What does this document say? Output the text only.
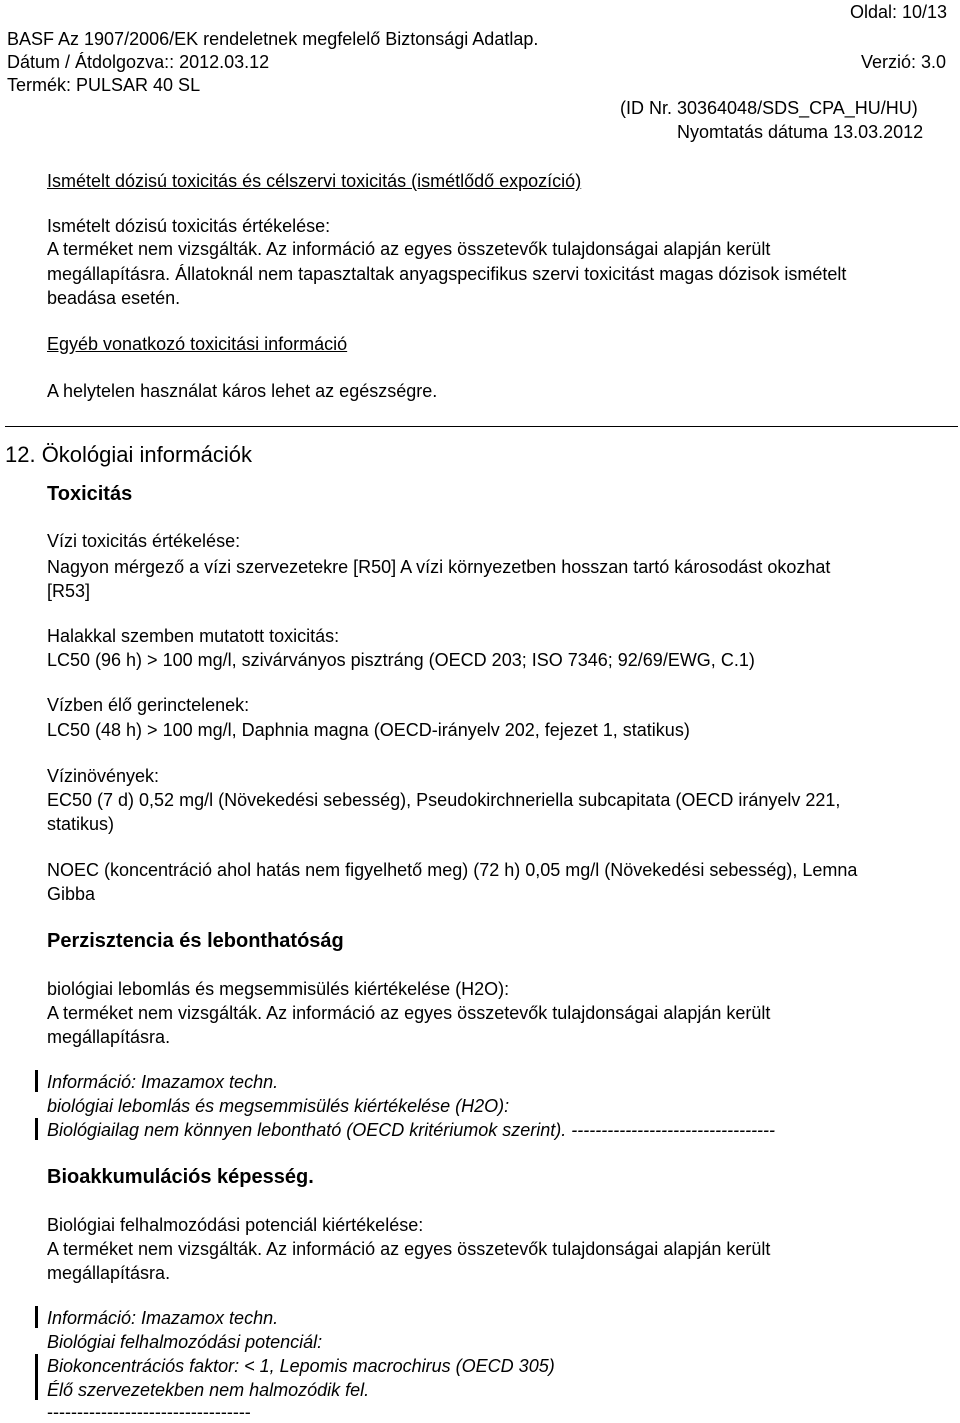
Oldal: 10/13
BASF Az 1907/2006/EK rendeletnek megfelelő Biztonsági Adatlap.
Dátum / Átdolgozva:: 2012.03.12	Verzió: 3.0
Termék: PULSAR 40 SL
(ID Nr. 30364048/SDS_CPA_HU/HU)
Nyomtatás dátuma 13.03.2012
Ismételt dózisú toxicitás és célszervi toxicitás (ismétlődő expozíció)
Ismételt dózisú toxicitás értékelése:
A terméket nem vizsgálták. Az információ az egyes összetevők tulajdonságai alapján került
megállapításra. Állatoknál nem tapasztaltak anyagspecifikus szervi toxicitást magas dózisok ismételt
beadása esetén.
Egyéb vonatkozó toxicitási információ
A helytelen használat káros lehet az egészségre.
12. Ökológiai információk
Toxicitás
Vízi toxicitás értékelése:
Nagyon mérgező a vízi szervezetekre [R50] A vízi környezetben hosszan tartó károsodást okozhat
[R53]
Halakkal szemben mutatott toxicitás:
LC50 (96 h) > 100 mg/l, szivárványos pisztráng (OECD 203; ISO 7346; 92/69/EWG, C.1)
Vízben élő gerinctelenek:
LC50 (48 h) > 100 mg/l, Daphnia magna (OECD-irányelv 202, fejezet 1, statikus)
Vízinövények:
EC50 (7 d) 0,52 mg/l (Növekedési sebesség), Pseudokirchneriella subcapitata (OECD irányelv 221,
statikus)
NOEC (koncentráció ahol hatás nem figyelhető meg) (72 h) 0,05 mg/l (Növekedési sebesség), Lemna
Gibba
Perzisztencia és lebonthatóság
biológiai lebomlás és megsemmisülés kiértékelése (H2O):
A terméket nem vizsgálták. Az információ az egyes összetevők tulajdonságai alapján került
megállapításra.
Információ: Imazamox techn.
biológiai lebomlás és megsemmisülés kiértékelése (H2O):
Biológiailag nem könnyen lebontható (OECD kritériumok szerint). ----------------------------------
Bioakkumulációs képesség.
Biológiai felhalmozódási potenciál kiértékelése:
A terméket nem vizsgálták. Az információ az egyes összetevők tulajdonságai alapján került
megállapításra.
Információ: Imazamox techn.
Biológiai felhalmozódási potenciál:
Biokoncentrációs faktor: < 1, Lepomis macrochirus (OECD 305)
Élő szervezetekben nem halmozódik fel.
----------------------------------
